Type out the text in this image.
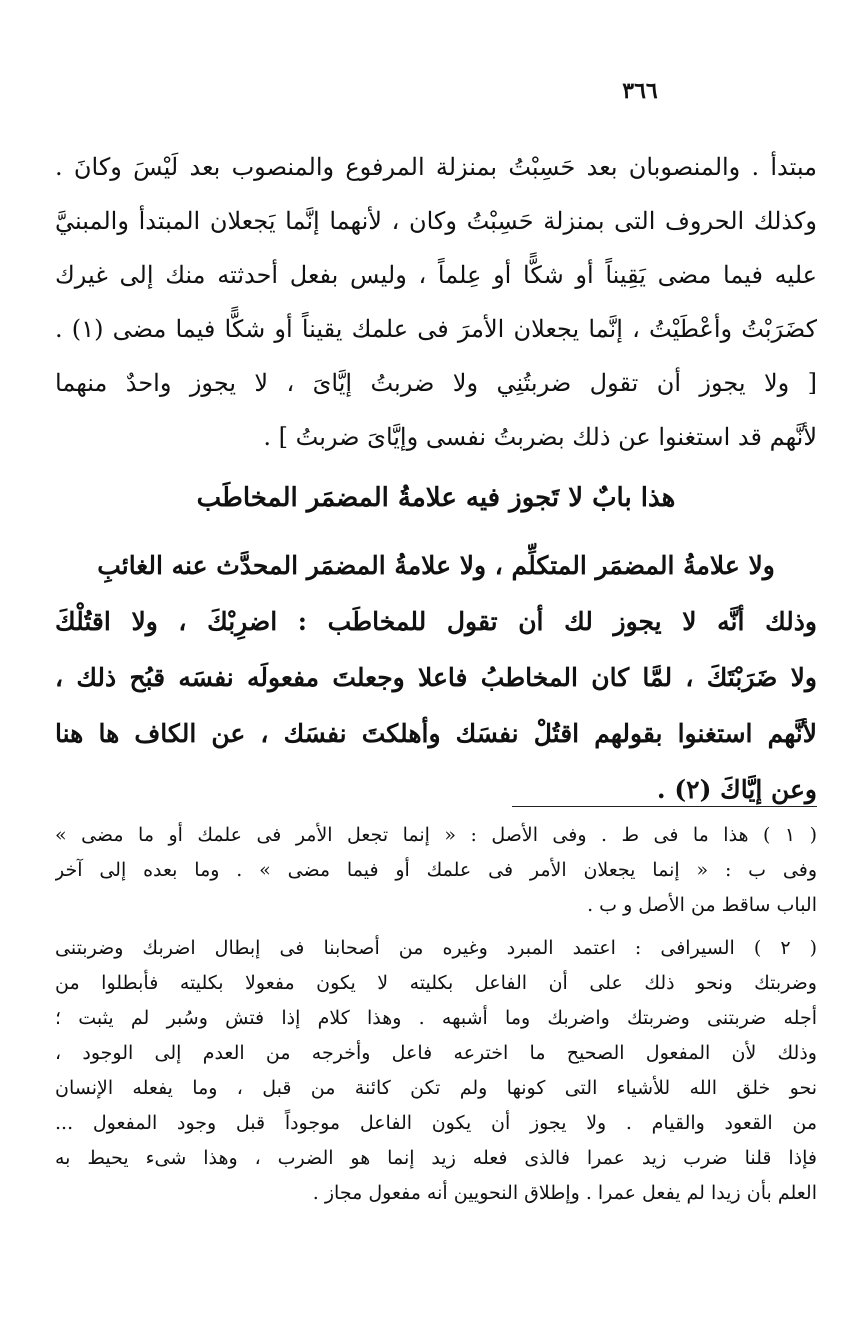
٣٦٦
مبتدأ . والمنصوبان بعد حَسِبْتُ بمنزلة المرفوع والمنصوب بعد لَيْسَ وكانَ .
وكذلك الحروف التى بمنزلة حَسِبْتُ وكان ، لأنهما إنَّما يَجعلان المبتدأ والمبنيَّ
عليه فيما مضى يَقِيناً أو شكًّا أو عِلماً ، وليس بفعل أحدثته منك إلى غيرك
كضَرَبْتُ وأعْطَيْتُ ، إنَّما يجعلان الأمرَ فى علمك يقيناً أو شكًّا فيما مضى (١) .
[ ولا يجوز أن تقول ضربتُنِي ولا ضربتُ إيَّاىَ ، لا يجوز واحدٌ منهما
لأنَّهم قد استغنوا عن ذلك بضربتُ نفسى وإيَّاىَ ضربتُ ] .
هذا بابٌ لا تَجوز فيه علامةُ المضمَر المخاطَب
ولا علامةُ المضمَر المتكلِّم ، ولا علامةُ المضمَر المحدَّث عنه الغائبِ
وذلك أنَّه لا يجوز لك أن تقول للمخاطَب : اضرِبْكَ ، ولا اقتُلْكَ
ولا ضَرَبْتَكَ ، لمَّا كان المخاطبُ فاعلا وجعلتَ مفعولَه نفسَه قبُح ذلك ،
لأنَّهم استغنوا بقولهم اقتُلْ نفسَك وأهلكتَ نفسَك ، عن الكاف ها هنا
وعن إيَّاكَ (٢) .
( ١ ) هذا ما فى ط . وفى الأصل : « إنما تجعل الأمر فى علمك أو ما مضى »
وفى ب : « إنما يجعلان الأمر فى علمك أو فيما مضى » . وما بعده إلى آخر
الباب ساقط من الأصل و ب .
( ٢ ) السيرافى : اعتمد المبرد وغيره من أصحابنا فى إبطال اضربك وضربتنى
وضربتك ونحو ذلك على أن الفاعل بكليته لا يكون مفعولا بكليته فأبطلوا من
أجله ضربتنى وضربتك واضربك وما أشبهه . وهذا كلام إذا فتش وسُبر لم يثبت ؛
وذلك لأن المفعول الصحيح ما اخترعه فاعل وأخرجه من العدم إلى الوجود ،
نحو خلق الله للأشياء التى كونها ولم تكن كائنة من قبل ، وما يفعله الإنسان
من القعود والقيام . ولا يجوز أن يكون الفاعل موجوداً قبل وجود المفعول ...
فإذا قلنا ضرب زيد عمرا فالذى فعله زيد إنما هو الضرب ، وهذا شىء يحيط به
العلم بأن زيدا لم يفعل عمرا . وإطلاق النحويين أنه مفعول مجاز .
